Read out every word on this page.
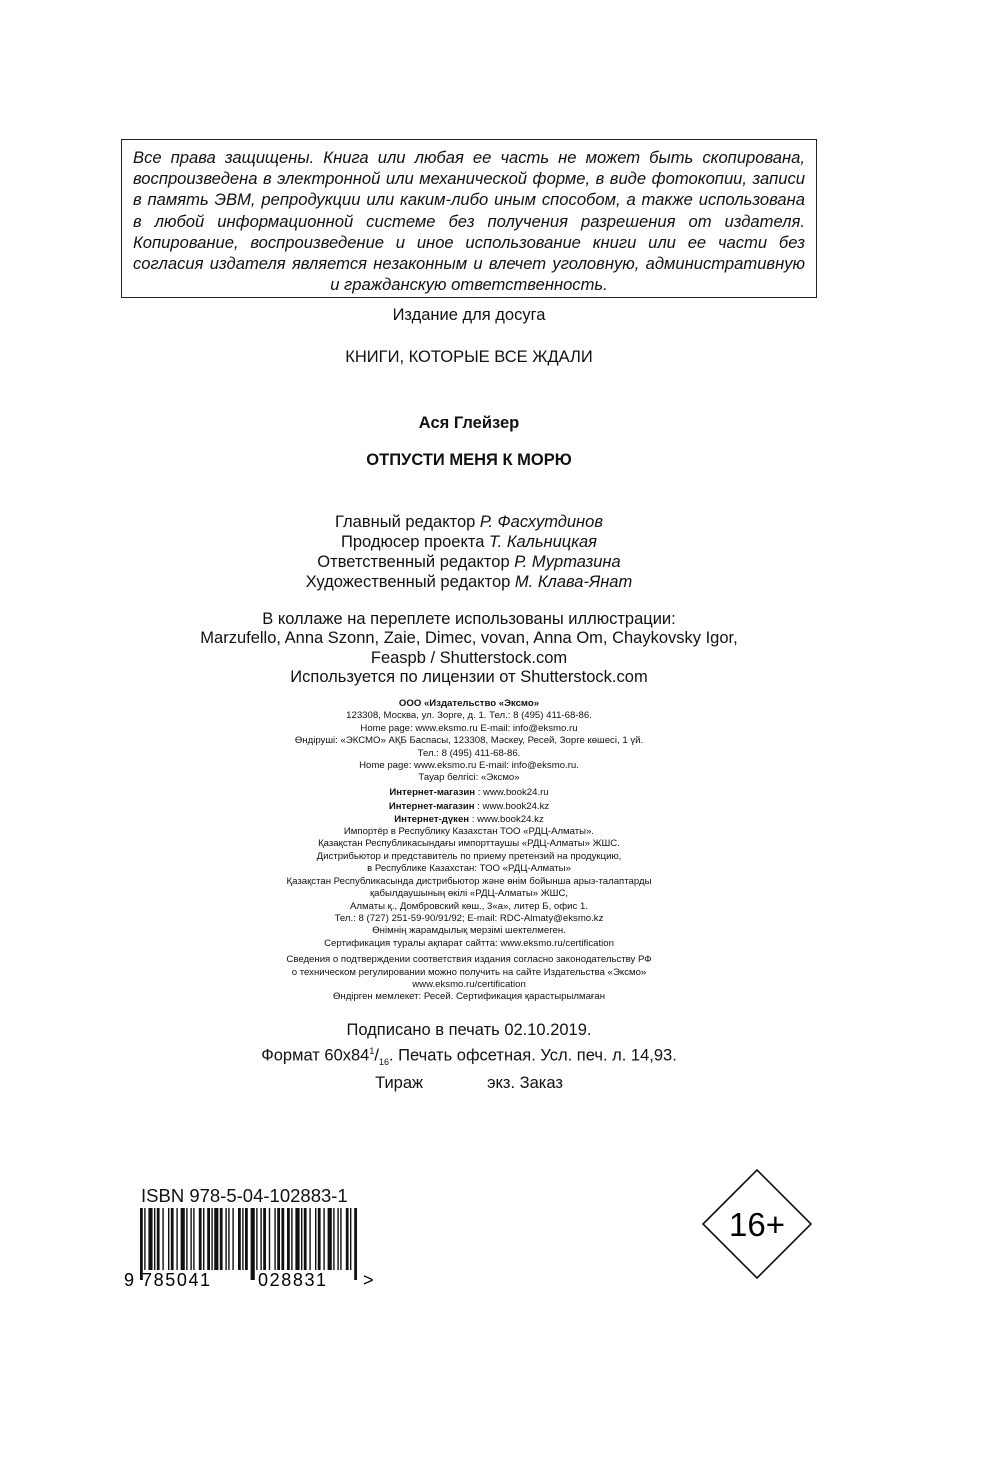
Все права защищены. Книга или любая ее часть не может быть скопирована, воспроизведена в электронной или механической форме, в виде фотокопии, записи в память ЭВМ, репродукции или каким-либо иным способом, а также использована в любой информационной системе без получения разрешения от издателя. Копирование, воспроизведение и иное использование книги или ее части без согласия издателя является незаконным и влечет уголовную, административную и гражданскую ответственность.
Издание для досуга
КНИГИ, КОТОРЫЕ ВСЕ ЖДАЛИ
Ася Глейзер
ОТПУСТИ МЕНЯ К МОРЮ
Главный редактор Р. Фасхутдинов
Продюсер проекта Т. Кальницкая
Ответственный редактор Р. Муртазина
Художественный редактор М. Клава-Янат
В коллаже на переплете использованы иллюстрации:
Marzufello, Anna Szonn, Zaie, Dimec, vovan, Anna Om, Chaykovsky Igor,
Feaspb / Shutterstock.com
Используется по лицензии от Shutterstock.com
ООО «Издательство «Эксмо»
123308, Москва, ул. Зорге, д. 1. Тел.: 8 (495) 411-68-86.
Home page: www.eksmo.ru E-mail: info@eksmo.ru
Өндіруші: «ЭКСМО» АҚБ Баспасы, 123308, Мәскеу, Ресей, Зорге көшесі, 1 үй.
Тел.: 8 (495) 411-68-86.
Home page: www.eksmo.ru E-mail: info@eksmo.ru.
Тауар белгісі: «Эксмо»
Интернет-магазин : www.book24.ru
Интернет-магазин : www.book24.kz
Интернет-дүкен : www.book24.kz
Импортёр в Республику Казахстан ТОО «РДЦ-Алматы».
Қазақстан Республикасындағы импорттаушы «РДЦ-Алматы» ЖШС.
Дистрибьютор и представитель по приему претензий на продукцию,
в Республике Казахстан: ТОО «РДЦ-Алматы»
Қазақстан Республикасында дистрибьютор және өнім бойынша арыз-талаптарды
қабылдаушының өкілі «РДЦ-Алматы» ЖШС,
Алматы қ., Домбровский көш., 3«а», литер Б, офис 1.
Тел.: 8 (727) 251-59-90/91/92; E-mail: RDC-Almaty@eksmo.kz
Өнімнің жарамдылық мерзімі шектелмеген.
Сертификация туралы ақпарат сайтта: www.eksmo.ru/certification
Сведения о подтверждении соответствия издания согласно законодательству РФ
о техническом регулировании можно получить на сайте Издательства «Эксмо»
www.eksmo.ru/certification
Өндірген мемлекет: Ресей. Сертификация қарастырылмаған
Подписано в печать 02.10.2019.
Формат $60x84^1/_{16}$. Печать офсетная. Усл. печ. л. 14,93.
Тираж	экз. Заказ
ISBN 978-5-04-102883-1
9 785041	028831 >
16+
